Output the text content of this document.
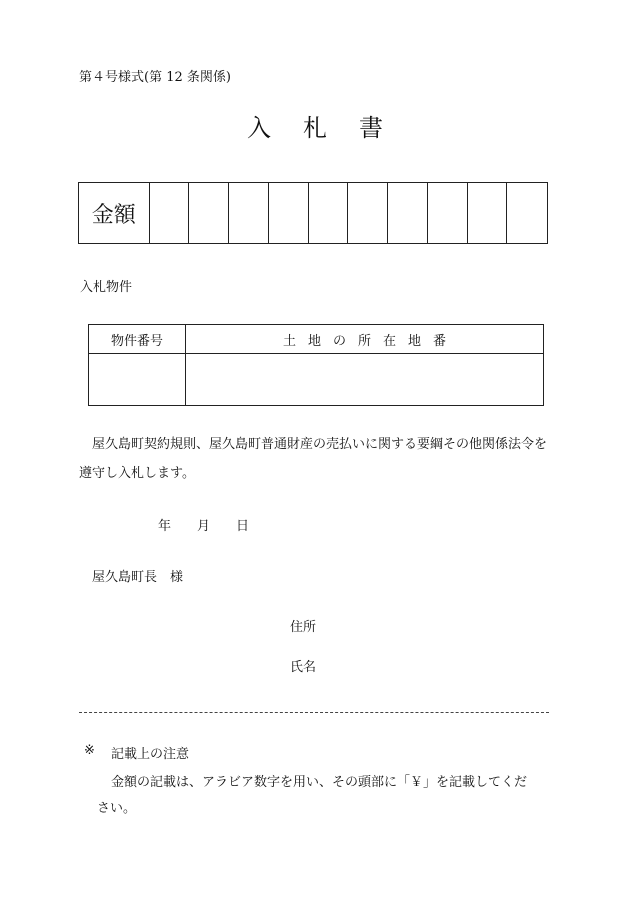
第４号様式(第 12 条関係)
入 札 書
金額
入札物件
物件番号	土 地 の 所 在 地 番

屋久島町契約規則、屋久島町普通財産の売払いに関する要綱その他関係法令を
遵守し入札します。
年 月 日
屋久島町長　様
住所
氏名
※ 記載上の注意
金額の記載は、アラビア数字を用い、その頭部に「￥」を記載してくだ
さい。
